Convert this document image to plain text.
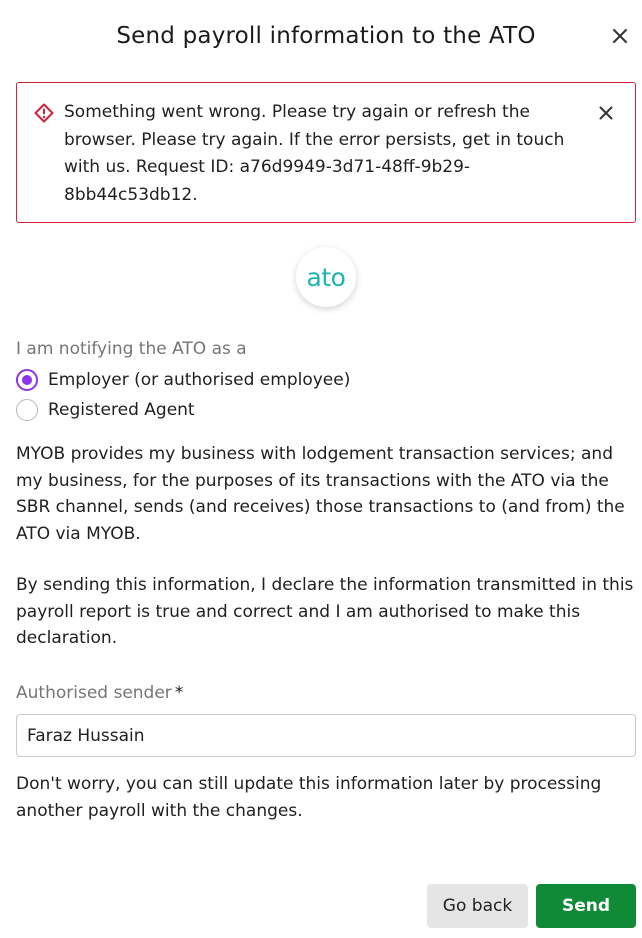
Send payroll information to the ATO
Something went wrong. Please try again or refresh the browser. Please try again. If the error persists, get in touch with us. Request ID: a76d9949-3d71-48ff-9b29-8bb44c53db12.
ato
I am notifying the ATO as a
Employer (or authorised employee)
Registered Agent

MYOB provides my business with lodgement transaction services; and my business, for the purposes of its transactions with the ATO via the SBR channel, sends (and receives) those transactions to (and from) the ATO via MYOB.

By sending this information, I declare the information transmitted in this payroll report is true and correct and I am authorised to make this declaration.

Authorised sender *
Faraz Hussain

Don't worry, you can still update this information later by processing another payroll with the changes.

Go back	Send
